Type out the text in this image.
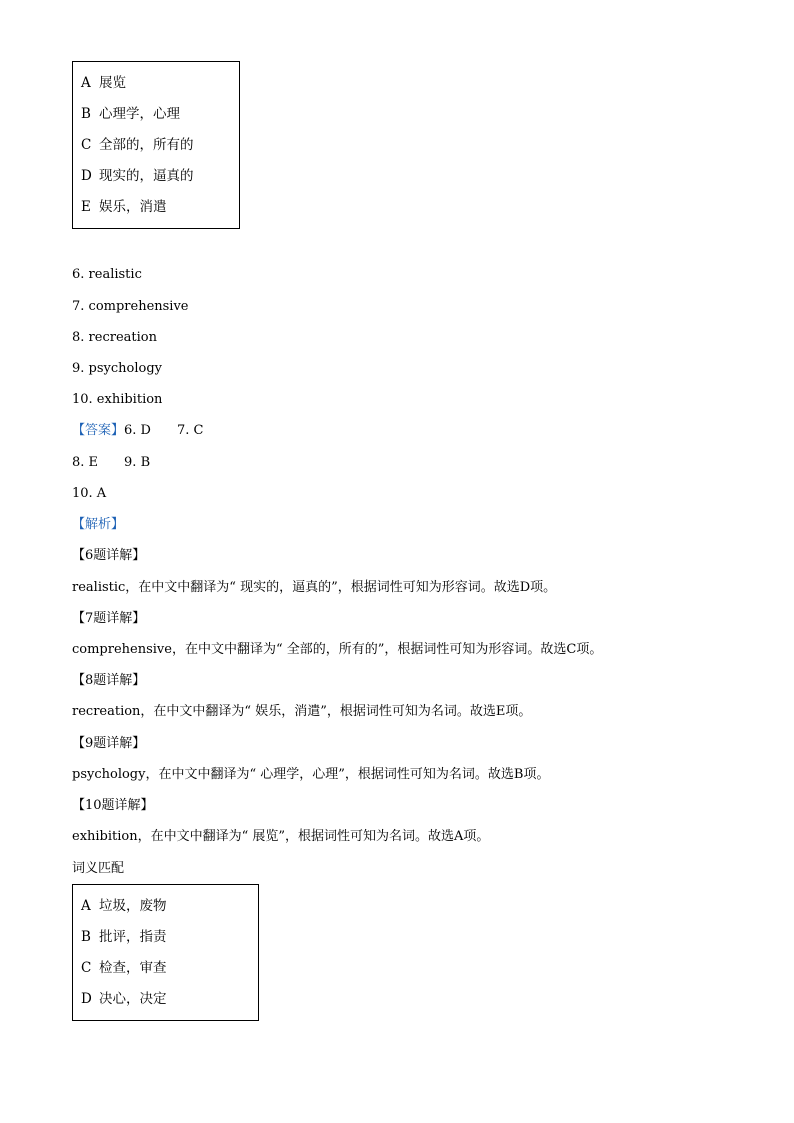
A 展览
B 心理学，心理
C 全部的，所有的
D 现实的，逼真的
E 娱乐，消遣
6. realistic
7. comprehensive
8. recreation
9. psychology
10. exhibition
【答案】6. D 7. C
8. E 9. B
10. A
【解析】
【6题详解】
realistic，在中文中翻译为“ 现实的，逼真的”，根据词性可知为形容词。故选D项。
【7题详解】
comprehensive，在中文中翻译为“ 全部的，所有的”，根据词性可知为形容词。故选C项。
【8题详解】
recreation，在中文中翻译为“ 娱乐，消遣”，根据词性可知为名词。故选E项。
【9题详解】
psychology，在中文中翻译为“ 心理学，心理”，根据词性可知为名词。故选B项。
【10题详解】
exhibition，在中文中翻译为“ 展览”，根据词性可知为名词。故选A项。
词义匹配
A 垃圾，废物
B 批评，指责
C 检查，审查
D 决心，决定
